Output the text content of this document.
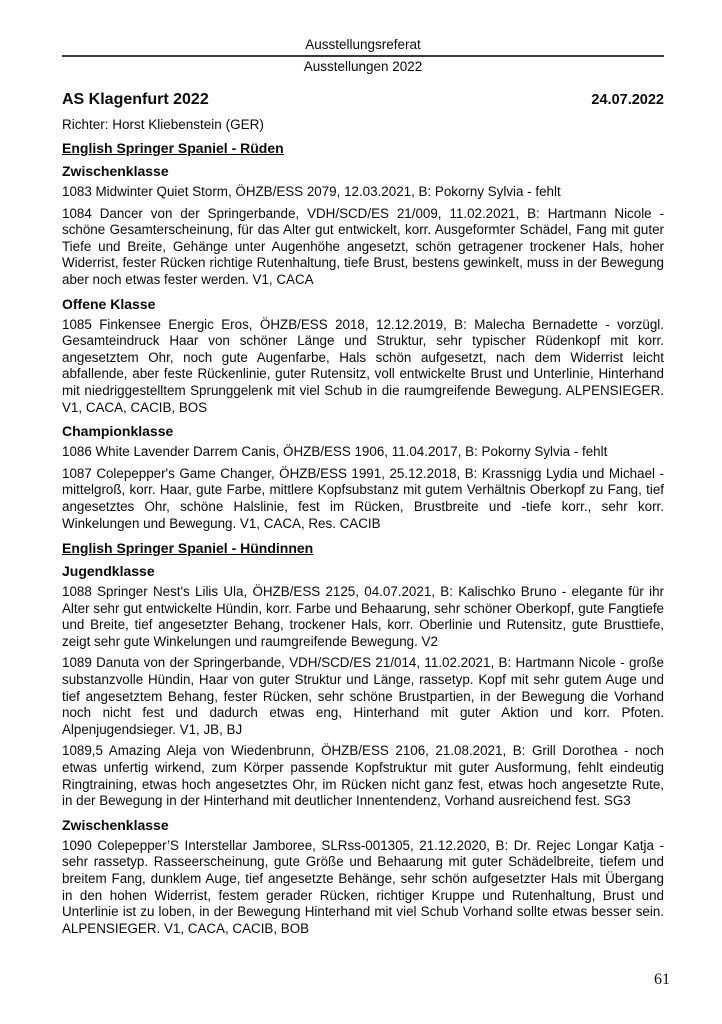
Ausstellungsreferat
Ausstellungen 2022
AS Klagenfurt 2022	24.07.2022

Richter: Horst Kliebenstein (GER)

English Springer Spaniel - Rüden
Zwischenklasse

1083 Midwinter Quiet Storm, ÖHZB/ESS 2079, 12.03.2021, B: Pokorny Sylvia - fehlt

1084 Dancer von der Springerbande, VDH/SCD/ES 21/009, 11.02.2021, B: Hartmann Nicole - schöne Gesamterscheinung, für das Alter gut entwickelt, korr. Ausgeformter Schädel, Fang mit guter Tiefe und Breite, Gehänge unter Augenhöhe angesetzt, schön getragener trockener Hals, hoher Widerrist, fester Rücken richtige Rutenhaltung, tiefe Brust, bestens gewinkelt, muss in der Bewegung aber noch etwas fester werden. V1, CACA

Offene Klasse

1085 Finkensee Energic Eros, ÖHZB/ESS 2018, 12.12.2019, B: Malecha Bernadette - vorzügl. Gesamteindruck Haar von schöner Länge und Struktur, sehr typischer Rüdenkopf mit korr. angesetztem Ohr, noch gute Augenfarbe, Hals schön aufgesetzt, nach dem Widerrist leicht abfallende, aber feste Rückenlinie, guter Rutensitz, voll entwickelte Brust und Unterlinie, Hinterhand mit niedriggestelltem Sprunggelenk mit viel Schub in die raumgreifende Bewegung. ALPENSIEGER. V1, CACA, CACIB, BOS

Championklasse

1086 White Lavender Darrem Canis, ÖHZB/ESS 1906, 11.04.2017, B: Pokorny Sylvia - fehlt

1087 Colepepper's Game Changer, ÖHZB/ESS 1991, 25.12.2018, B: Krassnigg Lydia und Michael - mittelgroß, korr. Haar, gute Farbe, mittlere Kopfsubstanz mit gutem Verhältnis Oberkopf zu Fang, tief angesetztes Ohr, schöne Halslinie, fest im Rücken, Brustbreite und -tiefe korr., sehr korr. Winkelungen und Bewegung. V1, CACA, Res. CACIB

English Springer Spaniel - Hündinnen
Jugendklasse

1088 Springer Nest's Lilis Ula, ÖHZB/ESS 2125, 04.07.2021, B: Kalischko Bruno - elegante für ihr Alter sehr gut entwickelte Hündin, korr. Farbe und Behaarung, sehr schöner Oberkopf, gute Fangtiefe und Breite, tief angesetzter Behang, trockener Hals, korr. Oberlinie und Rutensitz, gute Brusttiefe, zeigt sehr gute Winkelungen und raumgreifende Bewegung. V2

1089 Danuta von der Springerbande, VDH/SCD/ES 21/014, 11.02.2021, B: Hartmann Nicole - große substanzvolle Hündin, Haar von guter Struktur und Länge, rassetyp. Kopf mit sehr gutem Auge und tief angesetztem Behang, fester Rücken, sehr schöne Brustpartien, in der Bewegung die Vorhand noch nicht fest und dadurch etwas eng, Hinterhand mit guter Aktion und korr. Pfoten. Alpenjugendsieger. V1, JB, BJ

1089,5 Amazing Aleja von Wiedenbrunn, ÖHZB/ESS 2106, 21.08.2021, B: Grill Dorothea - noch etwas unfertig wirkend, zum Körper passende Kopfstruktur mit guter Ausformung, fehlt eindeutig Ringtraining, etwas hoch angesetztes Ohr, im Rücken nicht ganz fest, etwas hoch angesetzte Rute, in der Bewegung in der Hinterhand mit deutlicher Innentendenz, Vorhand ausreichend fest. SG3

Zwischenklasse

1090 Colepepper’S Interstellar Jamboree, SLRss-001305, 21.12.2020, B: Dr. Rejec Longar Katja - sehr rassetyp. Rasseerscheinung, gute Größe und Behaarung mit guter Schädelbreite, tiefem und breitem Fang, dunklem Auge, tief angesetzte Behänge, sehr schön aufgesetzter Hals mit Übergang in den hohen Widerrist, festem gerader Rücken, richtiger Kruppe und Rutenhaltung, Brust und Unterlinie ist zu loben, in der Bewegung Hinterhand mit viel Schub Vorhand sollte etwas besser sein. ALPENSIEGER. V1, CACA, CACIB, BOB

61
